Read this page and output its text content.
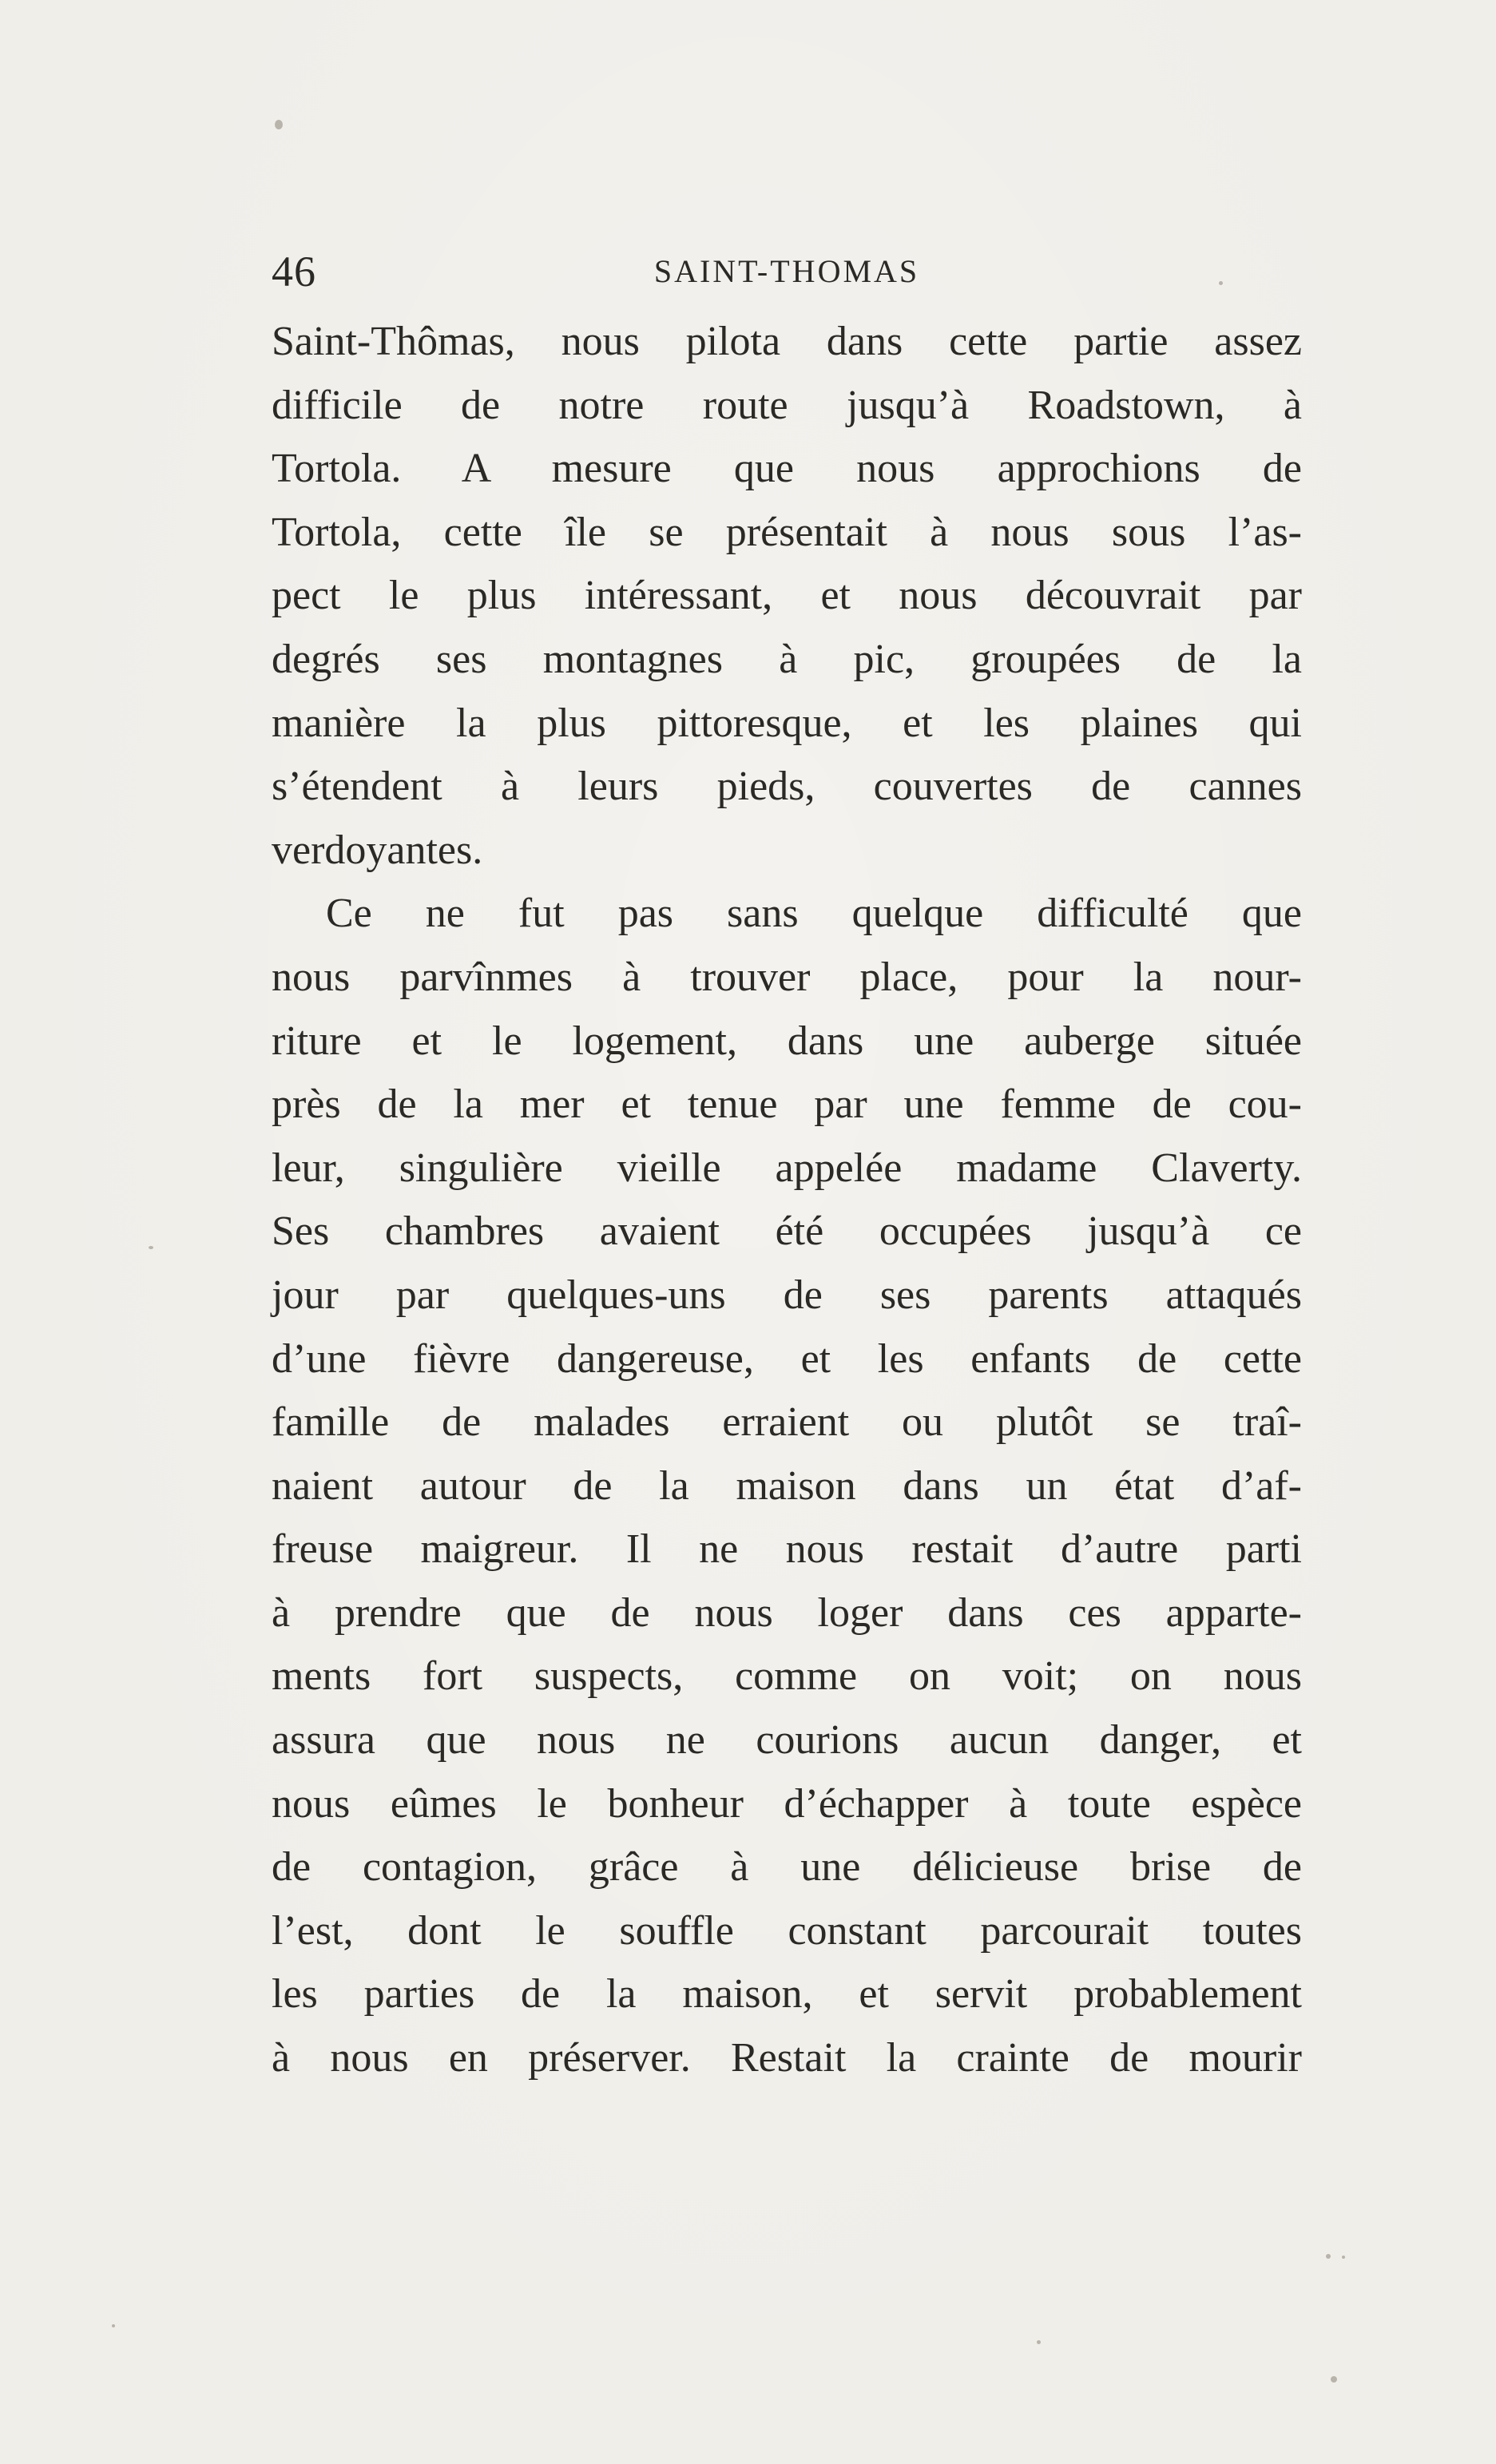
46	SAINT-THOMAS
Saint-Thômas, nous pilota dans cette partie assez
difficile de notre route jusqu’à Roadstown, à
Tortola. A mesure que nous approchions de
Tortola, cette île se présentait à nous sous l’as-
pect le plus intéressant, et nous découvrait par
degrés ses montagnes à pic, groupées de la
manière la plus pittoresque, et les plaines qui
s’étendent à leurs pieds, couvertes de cannes
verdoyantes.
Ce ne fut pas sans quelque difficulté que
nous parvînmes à trouver place, pour la nour-
riture et le logement, dans une auberge située
près de la mer et tenue par une femme de cou-
leur, singulière vieille appelée madame Claverty.
Ses chambres avaient été occupées jusqu’à ce
jour par quelques-uns de ses parents attaqués
d’une fièvre dangereuse, et les enfants de cette
famille de malades erraient ou plutôt se traî-
naient autour de la maison dans un état d’af-
freuse maigreur. Il ne nous restait d’autre parti
à prendre que de nous loger dans ces apparte-
ments fort suspects, comme on voit; on nous
assura que nous ne courions aucun danger, et
nous eûmes le bonheur d’échapper à toute espèce
de contagion, grâce à une délicieuse brise de
l’est, dont le souffle constant parcourait toutes
les parties de la maison, et servit probablement
à nous en préserver. Restait la crainte de mourir
